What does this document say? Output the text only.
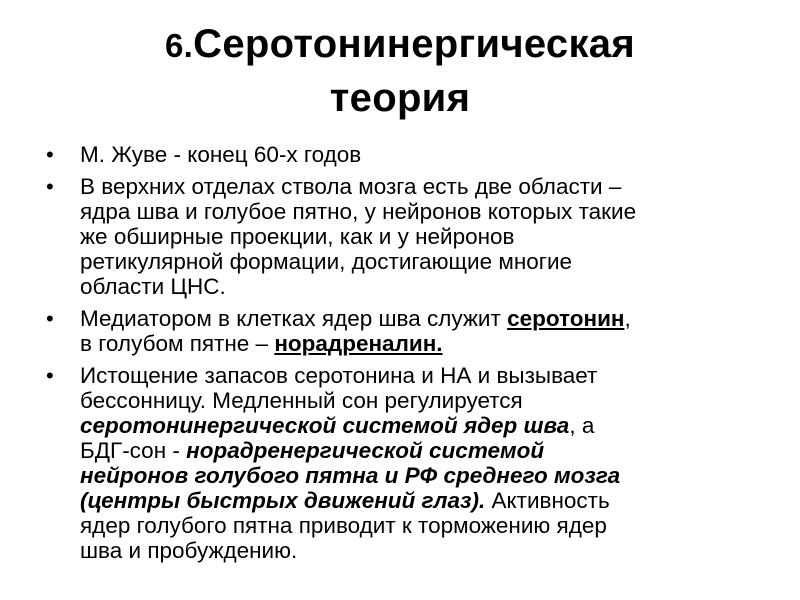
6.Серотонинергическая
теория
• М. Жуве - конец 60-х годов
• В верхних отделах ствола мозга есть две области –
ядра шва и голубое пятно, у нейронов которых такие
же обширные проекции, как и у нейронов
ретикулярной формации, достигающие многие
области ЦНС.
• Медиатором в клетках ядер шва служит серотонин,
в голубом пятне – норадреналин.
• Истощение запасов серотонина и НА и вызывает
бессонницу. Медленный сон регулируется
серотонинергической системой ядер шва, а
БДГ-сон - норадренергической системой
нейронов голубого пятна и РФ среднего мозга
(центры быстрых движений глаз). Активность
ядер голубого пятна приводит к торможению ядер
шва и пробуждению.
